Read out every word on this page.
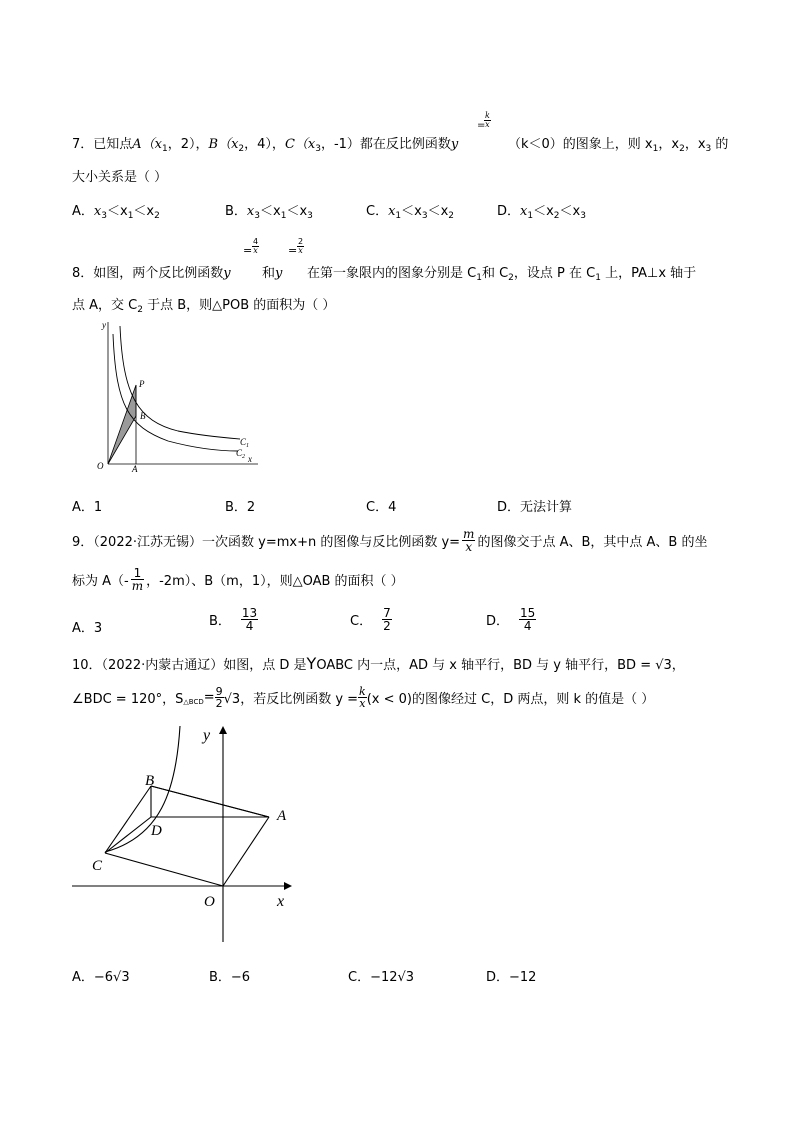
7．已知点$A(x_1$，2），$B(x_2$，4），$C(x_3$，-1）都在反比例函数y
=
$\frac{k}{x}$
（k＜0）的图象上，则 $x_1$，$x_2$，$x_3$ 的
大小关系是（ ）
A．$x_3<x_1<x_2$	B．$x_3<x_1<x_3$	C．$x_1<x_3<x_2$	D．$x_1<x_2<x_3$
8．如图，两个反比例函数y
= $\frac{4}{x}$
和y
= $\frac{2}{x}$
在第一象限内的图象分别是 $C_1$和 $C_2$，设点 P 在 $C_1$ 上，PA⊥x 轴于
点 A，交 $C_2$ 于点 B，则△POB 的面积为（ ）
y
x
O	A
P
B
$C_1$
$C_2$
A．1	B．2	C．4	D．无法计算
9．（2022·江苏无锡）一次函数 y=mx+n 的图像与反比例函数 $y= \frac{m}{x}$ 的图像交于点 A、B，其中点 A、B 的坐
标为 $A(- \frac{1}{m}$ ，-2m）、B（m，1），则△OAB 的面积（ ）
A．3	B． $\frac{13}{4}$	C． $\frac{7}{2}$	D． $\frac{15}{4}$
10．（2022·内蒙古通辽）如图，点 D 是YOABC 内一点，AD 与 x 轴平行，BD 与 y 轴平行，BD = √3，
∠BDC = 120°，S △BCD = $\frac{9}{2} √3$，若反比例函数 $y = \frac{k}{x} (x < 0)$的图像经过 C，D 两点，则 k 的值是（ ）
y
x
O
A
B
C
D
A．−6√3	B．−6	C．−12√3	D．−12
